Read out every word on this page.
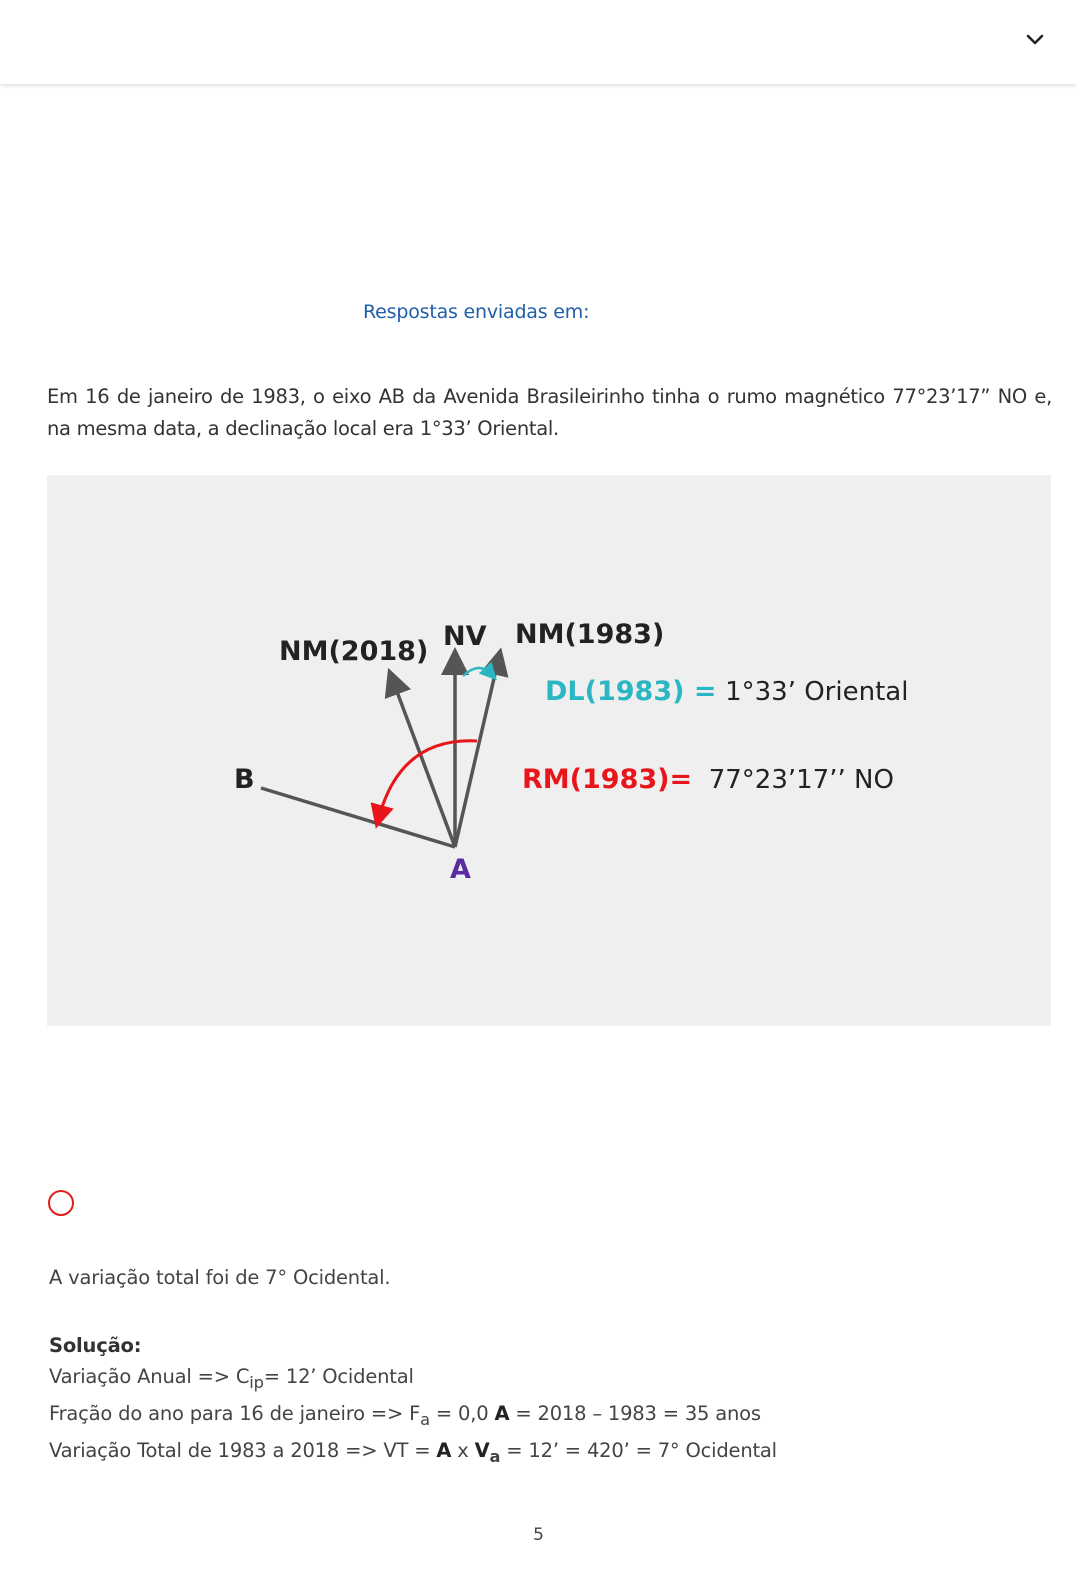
Respostas enviadas em:
Em 16 de janeiro de 1983, o eixo AB da Avenida Brasileirinho tinha o rumo magnético 77°23’17” NO e, na mesma data, a declinação local era 1°33’ Oriental.
NM(2018) NV NM(1983)
B
A
DL(1983) = 1°33’ Oriental
RM(1983)= 77°23’17’’ NO
A variação total foi de 7° Ocidental.
Solução:
Variação Anual => $C_{ip}= 12$’ Ocidental
Fração do ano para 16 de janeiro => $F_a = 0,0$ A = 2018 – 1983 = 35 anos
Variação Total de 1983 a 2018 => VT = A x $V_a = 12$’ = 420’ = 7° Ocidental
5
